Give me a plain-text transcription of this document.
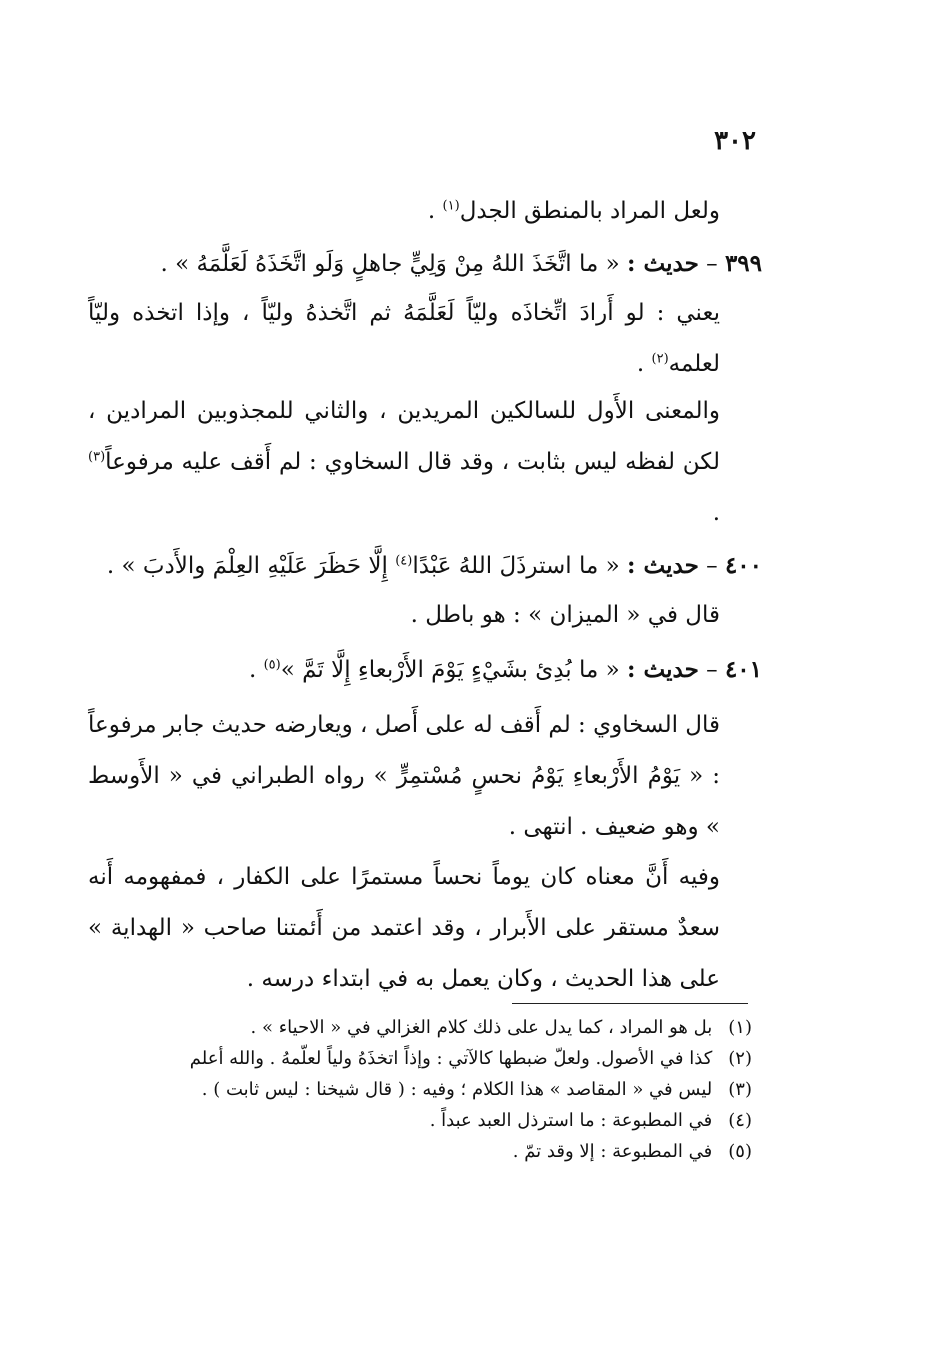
٣٠٢

ولعل المراد بالمنطق الجدل$^{(١)}$ .

٣٩٩ – حديث : « ما اتَّخَذَ اللهُ مِنْ وَلِيٍّ جاهلٍ وَلَو اتَّخَذَهُ لَعَلَّمَهُ » .

يعني : لو أَرادَ اتِّخاذَه وليّاً لَعَلَّمَهُ ثم اتَّخذهُ وليّاً ، وإذا اتخذه وليّاً لعلمه$^{(٢)}$ .

والمعنى الأَول للسالكين المريدين ، والثاني للمجذوبين المرادين ، لكن لفظه ليس بثابت ، وقد قال السخاوي : لم أَقف عليه مرفوعاً$^{(٣)}$ .

٤٠٠ – حديث : « ما استرذَلَ اللهُ عَبْدًا$^{(٤)}$ إِلَّا حَظَرَ عَلَيْهِ العِلْمَ والأَدبَ » .

قال في « الميزان » : هو باطل .

٤٠١ – حديث : « ما بُدِئ بشَيْءٍ يَوْمَ الأَرْبعاءِ إِلَّا تَمَّ »$^{(٥)}$ .

قال السخاوي : لم أَقف له على أَصل ، ويعارضه حديث جابر مرفوعاً : « يَوْمُ الأَرْبعاءِ يَوْمُ نحسٍ مُسْتمِرٍّ » رواه الطبراني في « الأَوسط » وهو ضعيف . انتهى .

وفيه أَنَّ معناه كان يوماً نحساً مستمرًا على الكفار ، فمفهومه أَنه سعدٌ مستقر على الأَبرار ، وقد اعتمد من أَئمتنا صاحب « الهداية » على هذا الحديث ، وكان يعمل به في ابتداء درسه .

(١) بل هو المراد ، كما يدل على ذلك كلام الغزالي في « الاحياء » .

(٢) كذا في الأصول. ولعلّ ضبطها كالآتي : وإذاً اتخذَهُ ولياً لعلّمهُ . والله أعلم

(٣) ليس في « المقاصد » هذا الكلام ؛ وفيه : ( قال شيخنا : ليس ثابت ) .

(٤) في المطبوعة : ما استرذل العبد عبداً .

(٥) في المطبوعة : إلا وقد تمّ .
